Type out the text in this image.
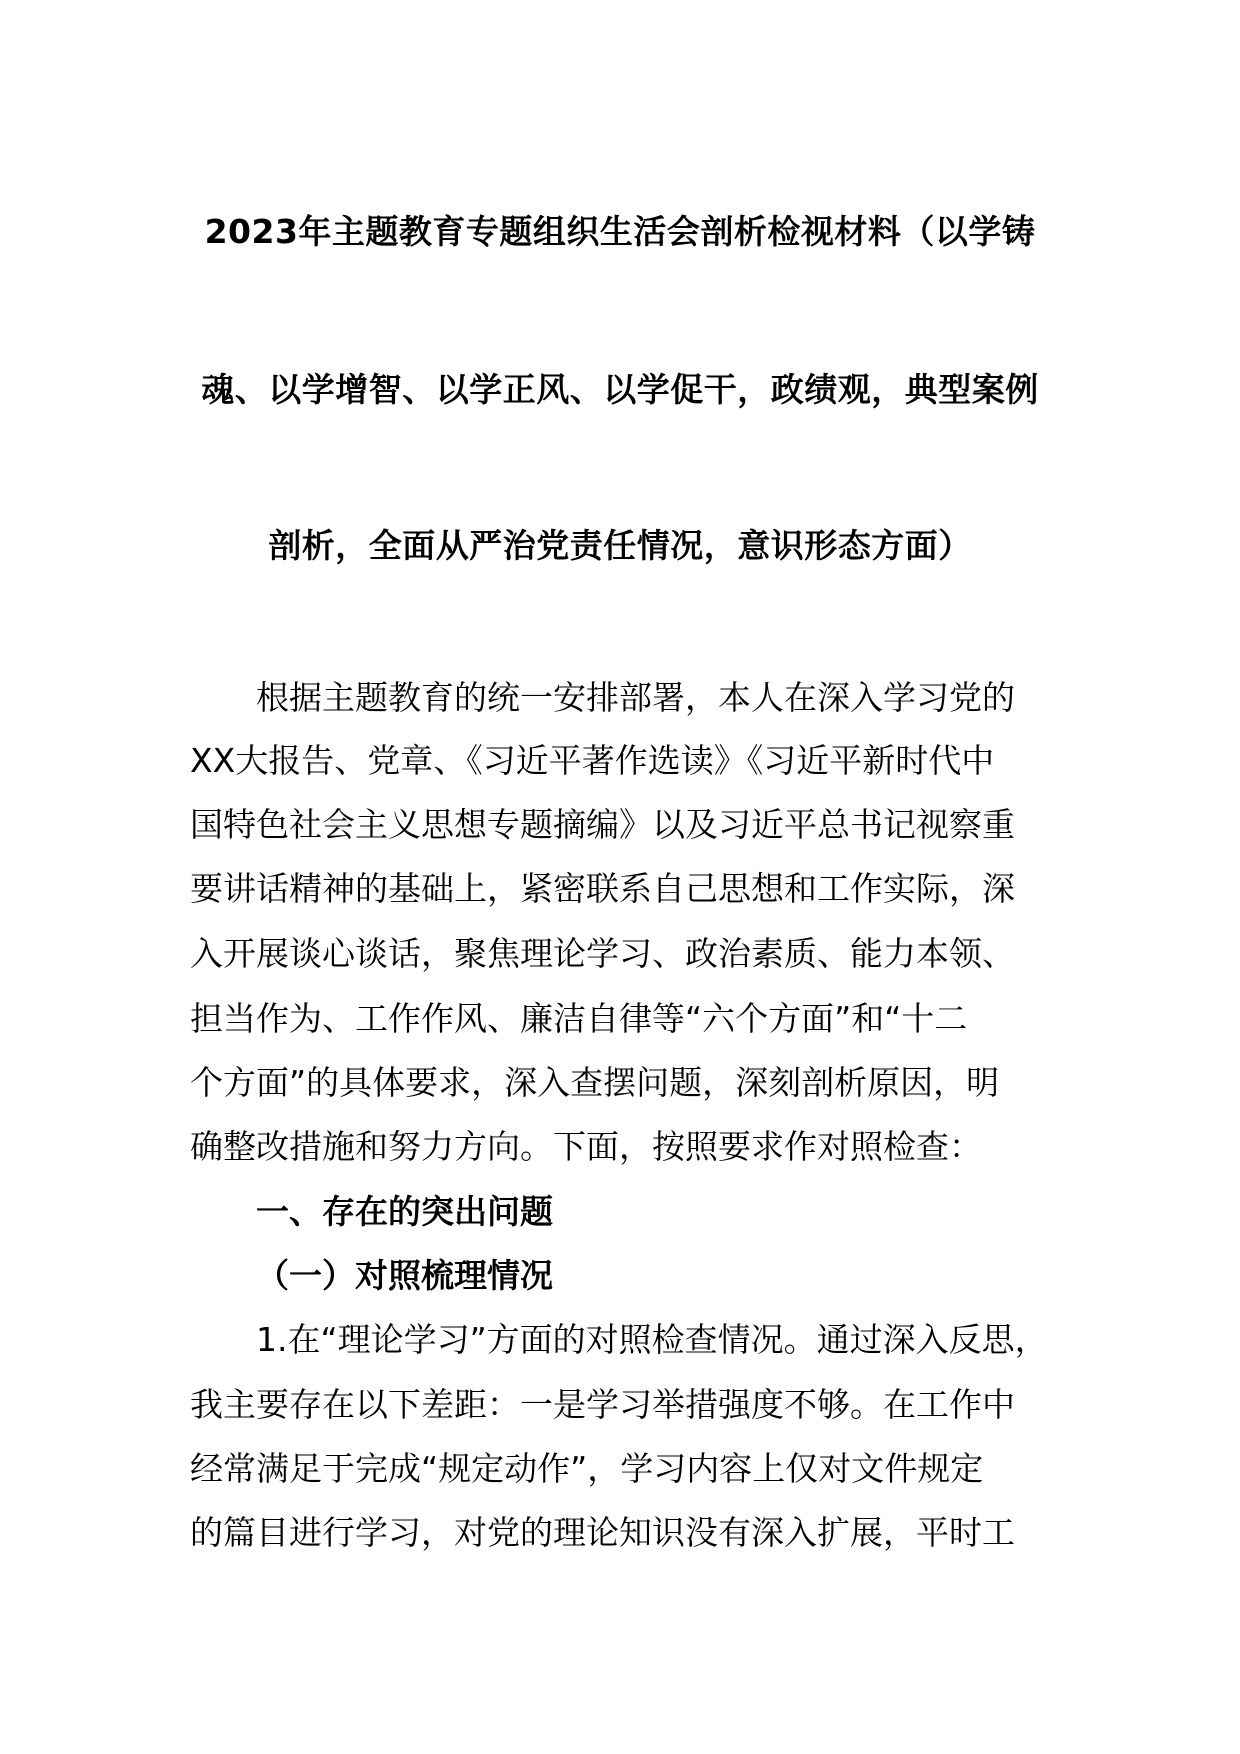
2023年主题教育专题组织生活会剖析检视材料（以学铸
魂、以学增智、以学正风、以学促干，政绩观，典型案例
剖析，全面从严治党责任情况，意识形态方面）
根据主题教育的统一安排部署，本人在深入学习党的
XX大报告、党章、《习近平著作选读》《习近平新时代中
国特色社会主义思想专题摘编》以及习近平总书记视察重
要讲话精神的基础上，紧密联系自己思想和工作实际，深
入开展谈心谈话，聚焦理论学习、政治素质、能力本领、
担当作为、工作作风、廉洁自律等“六个方面”和“十二
个方面”的具体要求，深入查摆问题，深刻剖析原因，明
确整改措施和努力方向。下面，按照要求作对照检查：
一、存在的突出问题
（一）对照梳理情况
1.在“理论学习”方面的对照检查情况。通过深入反思，
我主要存在以下差距：一是学习举措强度不够。在工作中
经常满足于完成“规定动作”，学习内容上仅对文件规定
的篇目进行学习，对党的理论知识没有深入扩展，平时工
